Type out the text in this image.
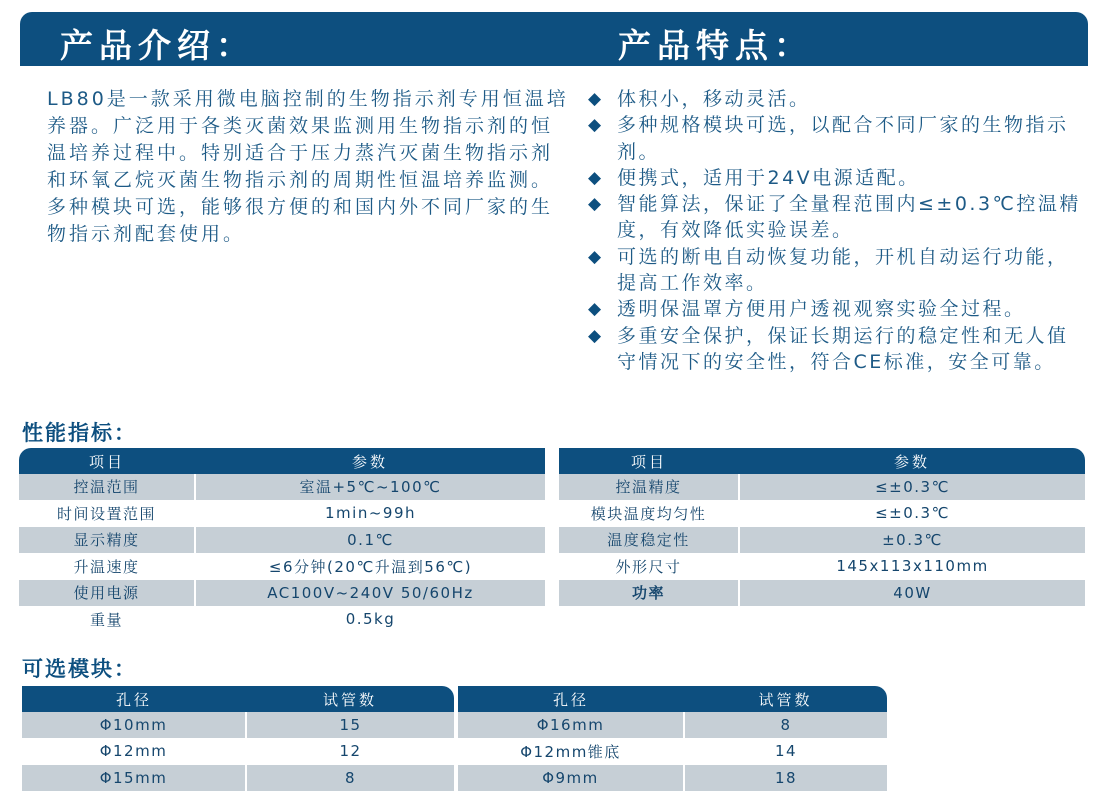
产品介绍：	产品特点：
LB80是一款采用微电脑控制的生物指示剂专用恒温培养器。广泛用于各类灭菌效果监测用生物指示剂的恒温培养过程中。特别适合于压力蒸汽灭菌生物指示剂和环氧乙烷灭菌生物指示剂的周期性恒温培养监测。多种模块可选，能够很方便的和国内外不同厂家的生物指示剂配套使用。
◆ 体积小，移动灵活。
◆ 多种规格模块可选，以配合不同厂家的生物指示剂。
◆ 便携式，适用于24V电源适配。
◆ 智能算法，保证了全量程范围内≤±0.3℃控温精度，有效降低实验误差。
◆ 可选的断电自动恢复功能，开机自动运行功能，提高工作效率。
◆ 透明保温罩方便用户透视观察实验全过程。
◆ 多重安全保护，保证长期运行的稳定性和无人值守情况下的安全性，符合CE标准，安全可靠。
性能指标：
项目	参数
控温范围	室温+5℃~100℃
时间设置范围	1min~99h
显示精度	0.1℃
升温速度	≤6分钟(20℃升温到56℃)
使用电源	AC100V~240V 50/60Hz
重量	0.5kg
项目	参数
控温精度	≤±0.3℃
模块温度均匀性	≤±0.3℃
温度稳定性	±0.3℃
外形尺寸	145x113x110mm
功率	40W
可选模块：
孔径	试管数
Φ10mm	15
Φ12mm	12
Φ15mm	8
孔径	试管数
Φ16mm	8
Φ12mm锥底	14
Φ9mm	18
